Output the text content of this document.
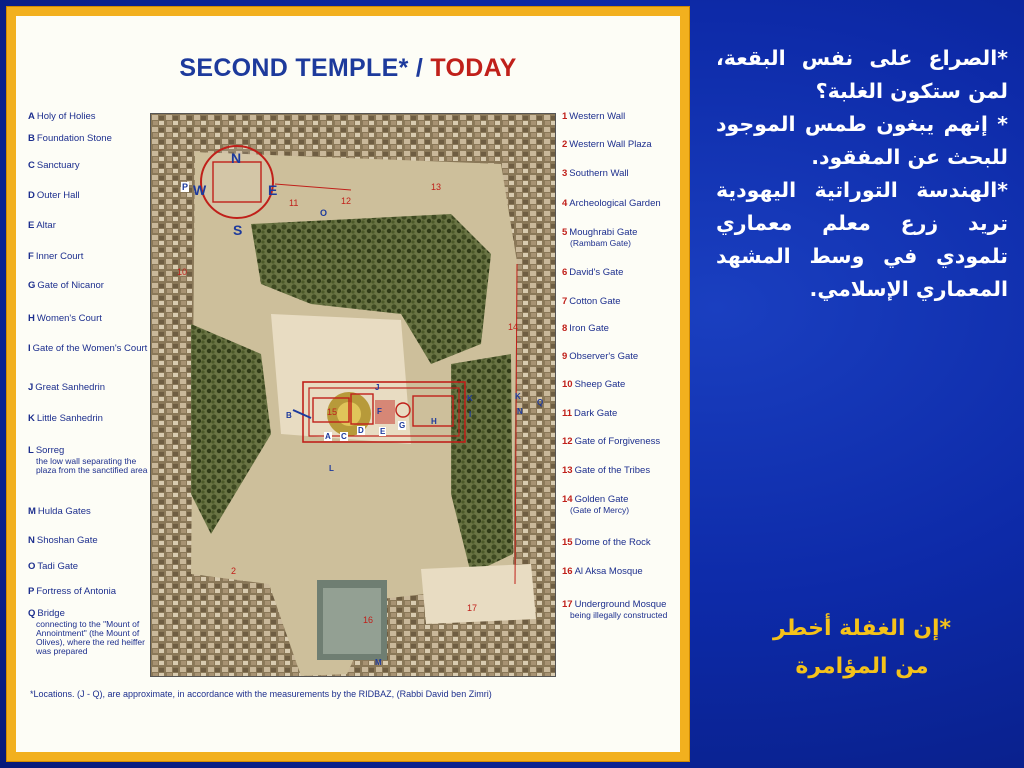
SECOND TEMPLE* / TODAY
A Holy of Holies
B Foundation Stone
C Sanctuary
D Outer Hall
E Altar
F Inner Court
G Gate of Nicanor
H Women's Court
I Gate of the Women's Court
J Great Sanhedrin
K Little Sanhedrin
L Sorreg
the low wall separating the plaza from the sanctified area
M Hulda Gates
N Shoshan Gate
O Tadi Gate
P Fortress of Antonia
Q Bridge
connecting to the "Mount of Annointment" (the Mount of Olives), where the red heiffer was prepared
N
W	E
S
P
O
13
11	12
10
14
15
16
17
2
A
B
C
D E
F
G	H
I
J
K	K
L
M
N
Q
1 Western Wall
2 Western Wall Plaza
3 Southern Wall
4 Archeological Garden
5 Moughrabi Gate
(Rambam Gate)
6 David's Gate
7 Cotton Gate
8 Iron Gate
9 Observer's Gate
10 Sheep Gate
11 Dark Gate
12 Gate of Forgiveness
13 Gate of the Tribes
14 Golden Gate
(Gate of Mercy)
15 Dome of the Rock
16 Al Aksa Mosque
17 Underground Mosque
being illegally constructed
*Locations. (J - Q), are approximate, in accordance with the measurements by the RIDBAZ, (Rabbi David ben Zimri)

*الصراع على نفس البقعة، لمن ستكون الغلبة؟

* إنهم يبغون طمس الموجود للبحث عن المفقود.

*الهندسة التوراتية اليهودية تريد زرع معلم معماري تلمودي في وسط المشهد المعماري الإسلامي.

*إن الغفلة أخطر

من المؤامرة
